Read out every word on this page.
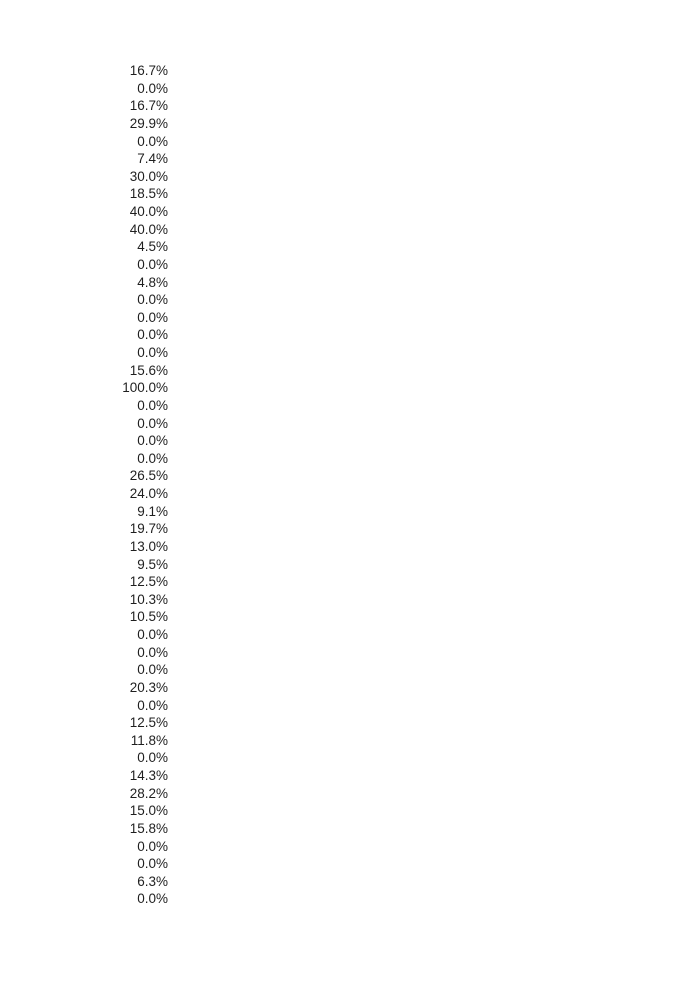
16.7%
0.0%
16.7%
29.9%
0.0%
7.4%
30.0%
18.5%
40.0%
40.0%
4.5%
0.0%
4.8%
0.0%
0.0%
0.0%
0.0%
15.6%
100.0%
0.0%
0.0%
0.0%
0.0%
26.5%
24.0%
9.1%
19.7%
13.0%
9.5%
12.5%
10.3%
10.5%
0.0%
0.0%
0.0%
20.3%
0.0%
12.5%
11.8%
0.0%
14.3%
28.2%
15.0%
15.8%
0.0%
0.0%
6.3%
0.0%
